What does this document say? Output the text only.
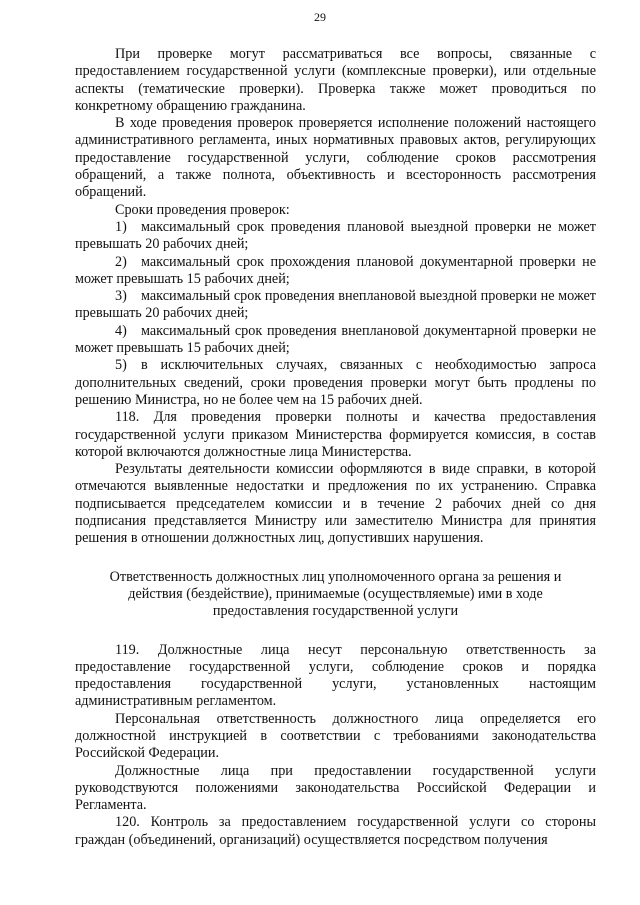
29

При проверке могут рассматриваться все вопросы, связанные с предоставлением государственной услуги (комплексные проверки), или отдельные аспекты (тематические проверки). Проверка также может проводиться по конкретному обращению гражданина.

В ходе проведения проверок проверяется исполнение положений настоящего административного регламента, иных нормативных правовых актов, регулирующих предоставление государственной услуги, соблюдение сроков рассмотрения обращений, а также полнота, объективность и всесторонность рассмотрения обращений.

Сроки проведения проверок:

1) максимальный срок проведения плановой выездной проверки не может превышать 20 рабочих дней;

2) максимальный срок прохождения плановой документарной проверки не может превышать 15 рабочих дней;

3) максимальный срок проведения внеплановой выездной проверки не может превышать 20 рабочих дней;

4) максимальный срок проведения внеплановой документарной проверки не может превышать 15 рабочих дней;

5) в исключительных случаях, связанных с необходимостью запроса дополнительных сведений, сроки проведения проверки могут быть продлены по решению Министра, но не более чем на 15 рабочих дней.

118. Для проведения проверки полноты и качества предоставления государственной услуги приказом Министерства формируется комиссия, в состав которой включаются должностные лица Министерства.

Результаты деятельности комиссии оформляются в виде справки, в которой отмечаются выявленные недостатки и предложения по их устранению. Справка подписывается председателем комиссии и в течение 2 рабочих дней со дня подписания представляется Министру или заместителю Министра для принятия решения в отношении должностных лиц, допустивших нарушения.

Ответственность должностных лиц уполномоченного органа за решения и действия (бездействие), принимаемые (осуществляемые) ими в ходе предоставления государственной услуги

119. Должностные лица несут персональную ответственность за предоставление государственной услуги, соблюдение сроков и порядка предоставления государственной услуги, установленных настоящим административным регламентом.

Персональная ответственность должностного лица определяется его должностной инструкцией в соответствии с требованиями законодательства Российской Федерации.

Должностные лица при предоставлении государственной услуги руководствуются положениями законодательства Российской Федерации и Регламента.

120. Контроль за предоставлением государственной услуги со стороны граждан (объединений, организаций) осуществляется посредством получения
